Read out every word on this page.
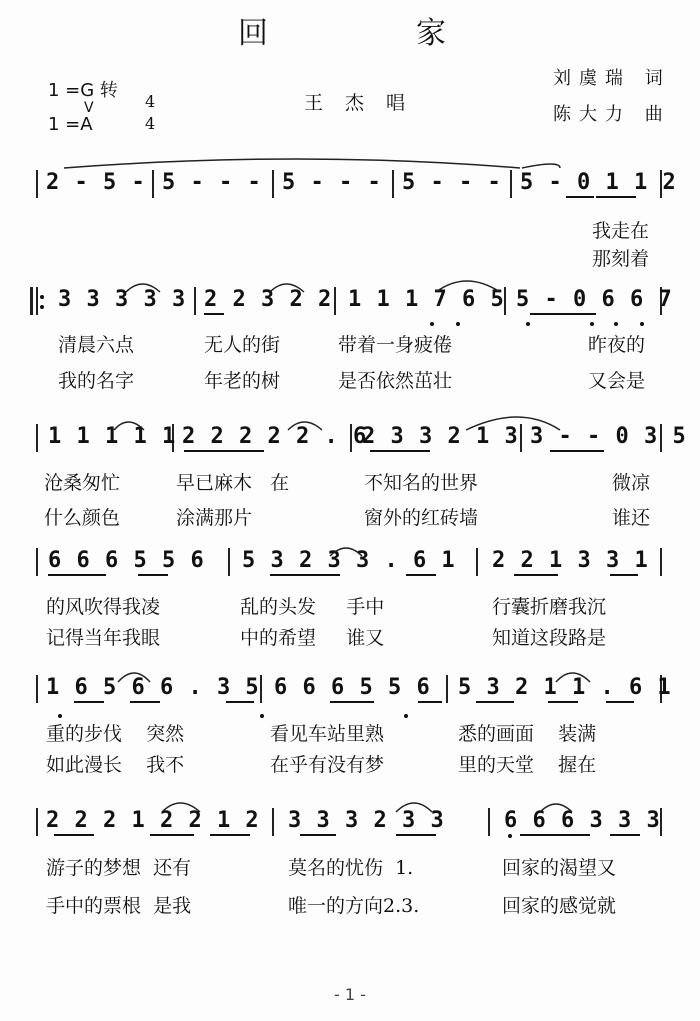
回	家
1 =G 转
1 =A
V	4
4
王杰唱
刘虞瑞 词
陈大力 曲
2 - 5 - 5 - - - 5 - - - 5 - - - 5 - 0 1 1 2
我走在
那刻着
3 3 3 3 3 2 2 3 2 2 1 1 1 7 6 5 5 - 0 6 6 7
清晨六点	无人的街	带着一身疲倦	昨夜的
我的名字	年老的树	是否依然茁壮	又会是
1 1 1 1 1 2 2 2 2 2 . 6
2 3 3 2 1 3 3 - - 0 3 5
沧桑匆忙	早已麻木   在	不知名的世界	微凉
什么颜色	涂满那片	窗外的红砖墙	谁还
6 6 6 5 5 6 5 3 2 3 3 . 6 1 2 2 1 3 3 1
的风吹得我凌	乱的头发     手中	行囊折磨我沉
记得当年我眼	中的希望     谁又	知道这段路是
1 6 5 6 6 . 3 5 6 6 6 5 5 6 5 3 2 1 1 . 6 1
重的步伐    突然	看见车站里熟	悉的画面    装满
如此漫长    我不	在乎有没有梦	里的天堂    握在
2 2 2 1 2 2 1 2 3 3 3 2 3 3	6 6 6 3 3 3
游子的梦想  还有	莫名的忧伤  1.	回家的渴望又
手中的票根  是我	唯一的方向2.3.	回家的感觉就
- 1 -
